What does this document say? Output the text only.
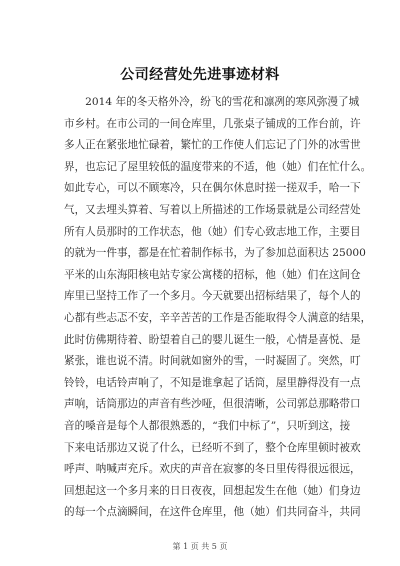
公司经营处先进事迹材料
　　2014 年的冬天格外冷，纷飞的雪花和凛冽的寒风弥漫了城
市乡村。在市公司的一间仓库里，几张桌子铺成的工作台前，许
多人正在紧张地忙碌着，繁忙的工作使人们忘记了门外的冰雪世
界，也忘记了屋里较低的温度带来的不适，他（她）们在忙什么。
如此专心，可以不顾寒冷，只在偶尔休息时搓一搓双手，哈一下
气，又去埋头算着、写着以上所描述的工作场景就是公司经营处
所有人员那时的工作状态，他（她）们专心致志地工作，主要目
的就为一件事，都是在忙着制作标书，为了参加总面积达 25000
平米的山东海阳核电站专家公寓楼的招标，他（她）们在这间仓
库里已坚持工作了一个多月。今天就要出招标结果了，每个人的
心都有些忐忑不安，辛辛苦苦的工作是否能取得令人满意的结果，
此时仿佛期待着、盼望着自己的婴儿诞生一般，心情是喜悦、是
紧张，谁也说不清。时间就如窗外的雪，一时凝固了。突然，叮
铃铃，电话铃声响了，不知是谁拿起了话筒，屋里静得没有一点
声响，话筒那边的声音有些沙哑，但很清晰，公司郭总那略带口
音的嗓音是每个人都很熟悉的，“我们中标了”，只听到这，接
下来电话那边又说了什么，已经听不到了，整个仓库里顿时被欢
呼声、呐喊声充斥。欢庆的声音在寂寥的冬日里传得很远很远，
回想起这一个多月来的日日夜夜，回想起发生在他（她）们身边
的每一个点滴瞬间，在这件仓库里，他（她）们共同奋斗，共同
第 1 页 共 5 页
